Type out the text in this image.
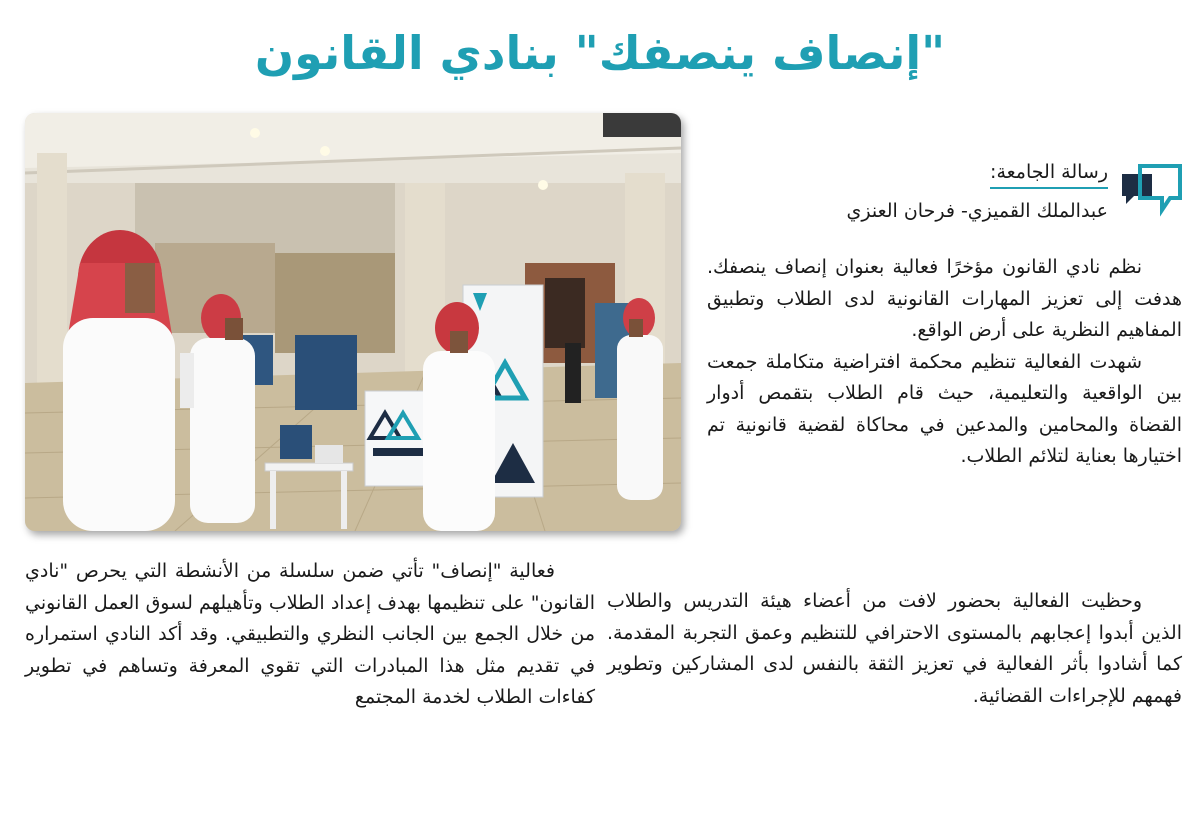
"إنصاف ينصفك" بنادي القانون
رسالة الجامعة:
عبدالملك القميزي- فرحان العنزي

نظم نادي القانون مؤخرًا فعالية بعنوان إنصاف ينصفك. هدفت إلى تعزيز المهارات القانونية لدى الطلاب وتطبيق المفاهيم النظرية على أرض الواقع.

شهدت الفعالية تنظيم محكمة افتراضية متكاملة جمعت بين الواقعية والتعليمية، حيث قام الطلاب بتقمص أدوار القضاة والمحامين والمدعين في محاكاة لقضية قانونية تم اختيارها بعناية لتلائم الطلاب.

وحظيت الفعالية بحضور لافت من أعضاء هيئة التدريس والطلاب الذين أبدوا إعجابهم بالمستوى الاحترافي للتنظيم وعمق التجربة المقدمة. كما أشادوا بأثر الفعالية في تعزيز الثقة بالنفس لدى المشاركين وتطوير فهمهم للإجراءات القضائية.

فعالية "إنصاف" تأتي ضمن سلسلة من الأنشطة التي يحرص "نادي القانون" على تنظيمها بهدف إعداد الطلاب وتأهيلهم لسوق العمل القانوني من خلال الجمع بين الجانب النظري والتطبيقي. وقد أكد النادي استمراره في تقديم مثل هذا المبادرات التي تقوي المعرفة وتساهم في تطوير كفاءات الطلاب لخدمة المجتمع
